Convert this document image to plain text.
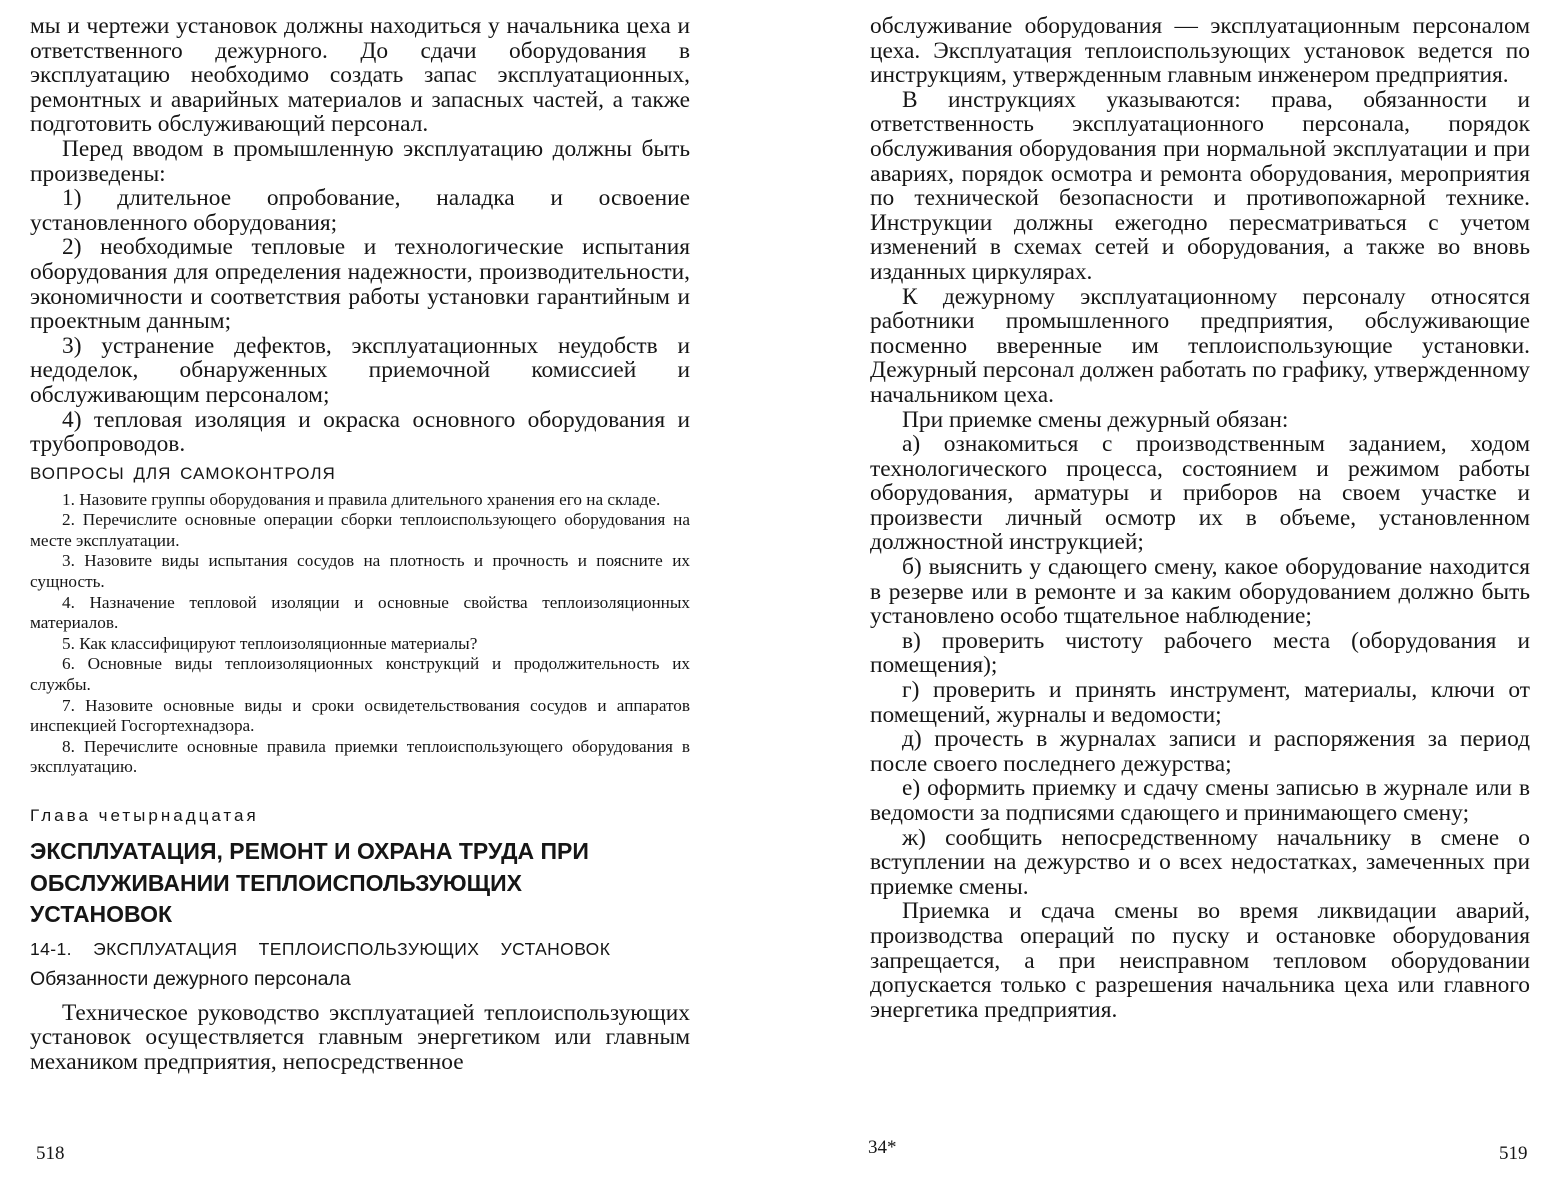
мы и чертежи установок должны находиться у начальника цеха и ответственного дежурного. До сдачи оборудования в эксплуатацию необходимо создать запас эксплуатационных, ремонтных и аварийных материалов и запасных частей, а также подготовить обслуживающий персонал.

Перед вводом в промышленную эксплуатацию должны быть произведены:

1) длительное опробование, наладка и освоение установленного оборудования;

2) необходимые тепловые и технологические испытания оборудования для определения надежности, производительности, экономичности и соответствия работы установки гарантийным и проектным данным;

3) устранение дефектов, эксплуатационных неудобств и недоделок, обнаруженных приемочной комиссией и обслуживающим персоналом;

4) тепловая изоляция и окраска основного оборудования и трубопроводов.

ВОПРОСЫ ДЛЯ САМОКОНТРОЛЯ

1. Назовите группы оборудования и правила длительного хранения его на складе.

2. Перечислите основные операции сборки теплоиспользующего оборудования на месте эксплуатации.

3. Назовите виды испытания сосудов на плотность и прочность и поясните их сущность.

4. Назначение тепловой изоляции и основные свойства теплоизоляционных материалов.

5. Как классифицируют теплоизоляционные материалы?

6. Основные виды теплоизоляционных конструкций и продолжительность их службы.

7. Назовите основные виды и сроки освидетельствования сосудов и аппаратов инспекцией Госгортехнадзора.

8. Перечислите основные правила приемки теплоиспользующего оборудования в эксплуатацию.

Глава четырнадцатая
ЭКСПЛУАТАЦИЯ, РЕМОНТ И ОХРАНА ТРУДА ПРИ ОБСЛУЖИВАНИИ ТЕПЛОИСПОЛЬЗУЮЩИХ УСТАНОВОК
14-1. ЭКСПЛУАТАЦИЯ ТЕПЛОИСПОЛЬЗУЮЩИХ УСТАНОВОК
Обязанности дежурного персонала

Техническое руководство эксплуатацией теплоиспользующих установок осуществляется главным энергетиком или главным механиком предприятия, непосредственное

518

обслуживание оборудования — эксплуатационным персоналом цеха. Эксплуатация теплоиспользующих установок ведется по инструкциям, утвержденным главным инженером предприятия.

В инструкциях указываются: права, обязанности и ответственность эксплуатационного персонала, порядок обслуживания оборудования при нормальной эксплуатации и при авариях, порядок осмотра и ремонта оборудования, мероприятия по технической безопасности и противопожарной технике. Инструкции должны ежегодно пересматриваться с учетом изменений в схемах сетей и оборудования, а также во вновь изданных циркулярах.

К дежурному эксплуатационному персоналу относятся работники промышленного предприятия, обслуживающие посменно вверенные им теплоиспользующие установки. Дежурный персонал должен работать по графику, утвержденному начальником цеха.

При приемке смены дежурный обязан:

а) ознакомиться с производственным заданием, ходом технологического процесса, состоянием и режимом работы оборудования, арматуры и приборов на своем участке и произвести личный осмотр их в объеме, установленном должностной инструкцией;

б) выяснить у сдающего смену, какое оборудование находится в резерве или в ремонте и за каким оборудованием должно быть установлено особо тщательное наблюдение;

в) проверить чистоту рабочего места (оборудования и помещения);

г) проверить и принять инструмент, материалы, ключи от помещений, журналы и ведомости;

д) прочесть в журналах записи и распоряжения за период после своего последнего дежурства;

е) оформить приемку и сдачу смены записью в журнале или в ведомости за подписями сдающего и принимающего смену;

ж) сообщить непосредственному начальнику в смене о вступлении на дежурство и о всех недостатках, замеченных при приемке смены.

Приемка и сдача смены во время ликвидации аварий, производства операций по пуску и остановке оборудования запрещается, а при неисправном тепловом оборудовании допускается только с разрешения начальника цеха или главного энергетика предприятия.

34*	519
